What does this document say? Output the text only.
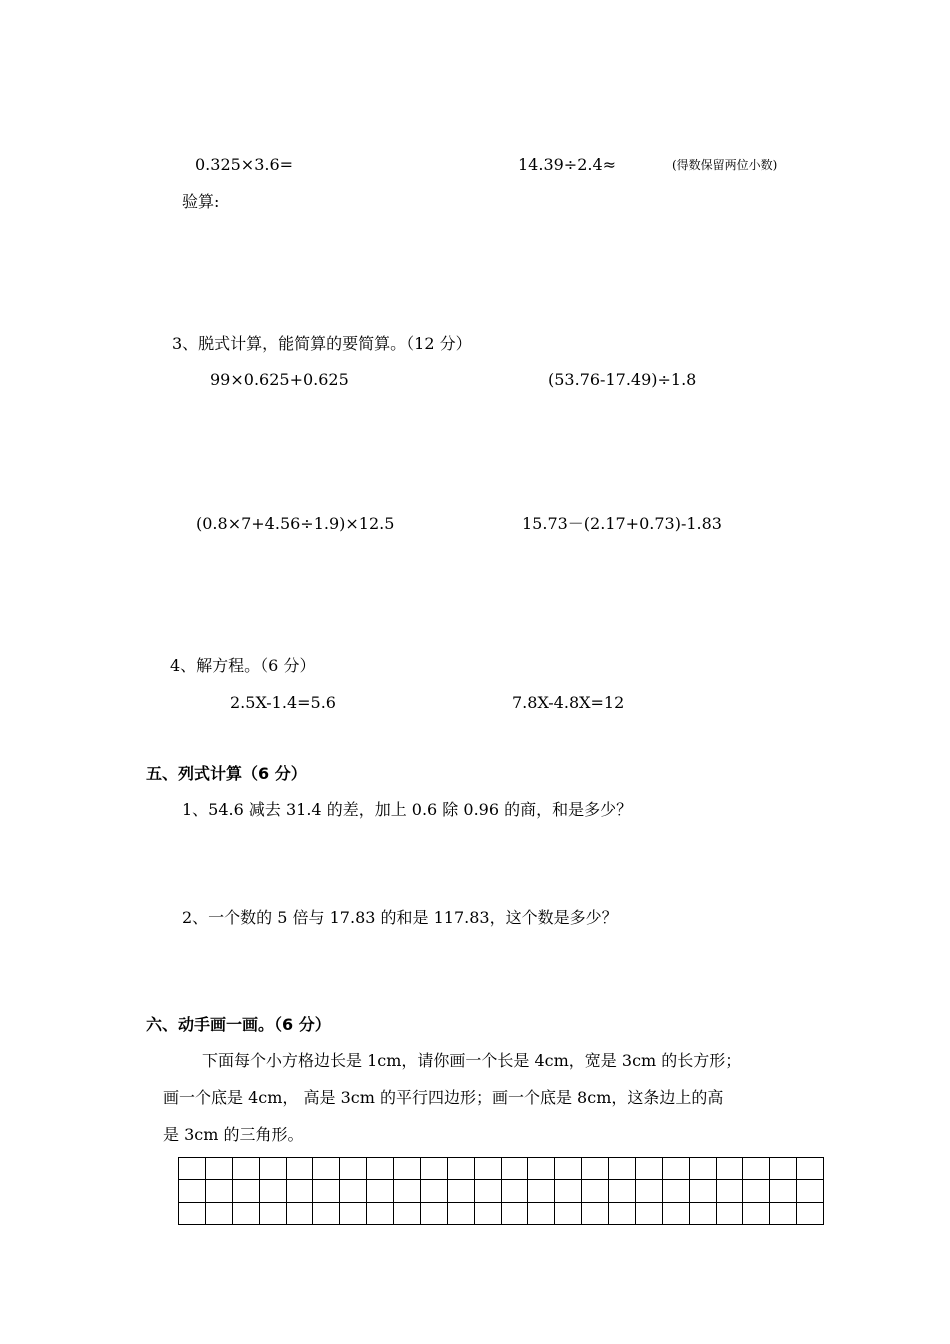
0.325×3.6=	14.39÷2.4≈	(得数保留两位小数)
验算:
3、脱式计算，能简算的要简算。（12 分）
99×0.625+0.625	(53.76-17.49)÷1.8
(0.8×7+4.56÷1.9)×12.5	15.73－(2.17+0.73)-1.83
4、解方程。（6 分）
2.5X-1.4=5.6	7.8X-4.8X=12
五、列式计算（6 分）
1、54.6 减去 31.4 的差，加上 0.6 除 0.96 的商，和是多少？
2、一个数的 5 倍与 17.83 的和是 117.83，这个数是多少？
六、动手画一画。（6 分）
下面每个小方格边长是 1cm，请你画一个长是 4cm，宽是 3cm 的长方形；
画一个底是 4cm， 高是 3cm 的平行四边形；画一个底是 8cm，这条边上的高
是 3cm 的三角形。
